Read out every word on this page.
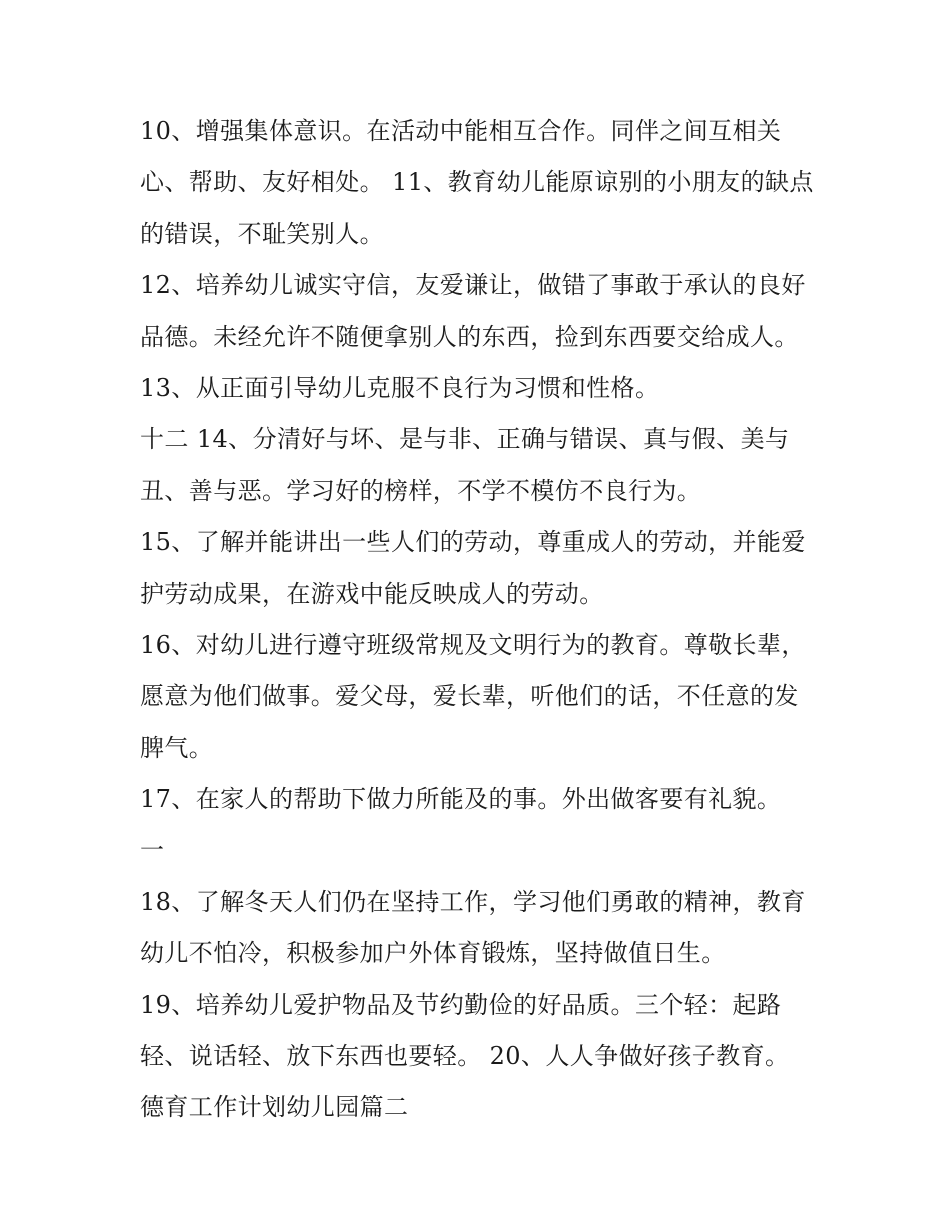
10、增强集体意识。在活动中能相互合作。同伴之间互相关
心、帮助、友好相处。 11、教育幼儿能原谅别的小朋友的缺点
的错误，不耻笑别人。
12、培养幼儿诚实守信，友爱谦让，做错了事敢于承认的良好
品德。未经允许不随便拿别人的东西，捡到东西要交给成人。
13、从正面引导幼儿克服不良行为习惯和性格。
十二 14、分清好与坏、是与非、正确与错误、真与假、美与
丑、善与恶。学习好的榜样，不学不模仿不良行为。
15、了解并能讲出一些人们的劳动，尊重成人的劳动，并能爱
护劳动成果，在游戏中能反映成人的劳动。
16、对幼儿进行遵守班级常规及文明行为的教育。尊敬长辈，
愿意为他们做事。爱父母，爱长辈，听他们的话，不任意的发
脾气。
17、在家人的帮助下做力所能及的事。外出做客要有礼貌。
一
18、了解冬天人们仍在坚持工作，学习他们勇敢的精神，教育
幼儿不怕冷，积极参加户外体育锻炼，坚持做值日生。
19、培养幼儿爱护物品及节约勤俭的好品质。三个轻：起路
轻、说话轻、放下东西也要轻。 20、人人争做好孩子教育。
德育工作计划幼儿园篇二
